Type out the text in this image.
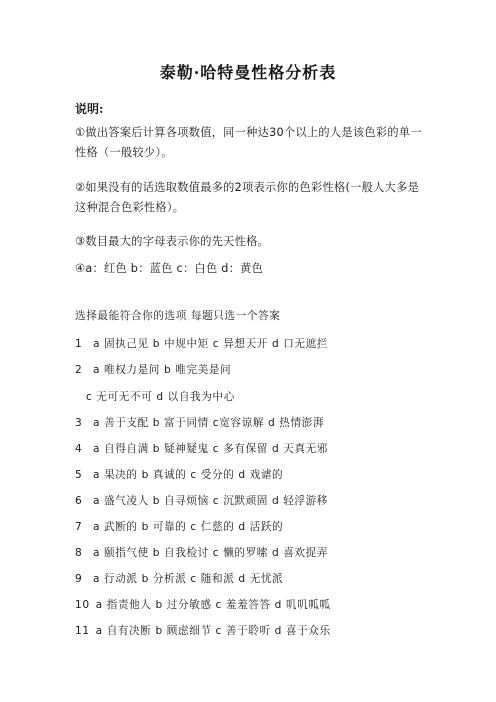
泰勒·哈特曼性格分析表
说明:
①做出答案后计算各项数值，同一种达30个以上的人是该色彩的单一性格（一般较少）。
②如果没有的话选取数值最多的2项表示你的色彩性格(一般人大多是这种混合色彩性格）。
③数目最大的字母表示你的先天性格。
④a：红色 b：蓝色 c：白色 d：黄色
选择最能符合你的选项 每题只选一个答案
1 a 固执己见 b 中规中矩 c 异想天开 d 口无遮拦
2 a 唯权力是问 b 唯完美是问
c 无可无不可 d 以自我为中心
3 a 善于支配 b 富于同情 c宽容谅解 d 热情澎湃
4 a 自得自满 b 疑神疑鬼 c 多有保留 d 天真无邪
5 a 果决的 b 真诚的 c 受分的 d 戏谑的
6 a 盛气凌人 b 自寻烦恼 c 沉默顽固 d 轻浮游移
7 a 武断的 b 可靠的 c 仁慈的 d 活跃的
8 a 颐指气使 b 自我检讨 c 懒的罗嗦 d 喜欢捉弄
9 a 行动派 b 分析派 c 随和派 d 无忧派
10 a 指责他人 b 过分敏感 c 羞羞答答 d 叽叽呱呱
11 a 自有决断 b 顾虑细节 c 善于聆听 d 喜于众乐
